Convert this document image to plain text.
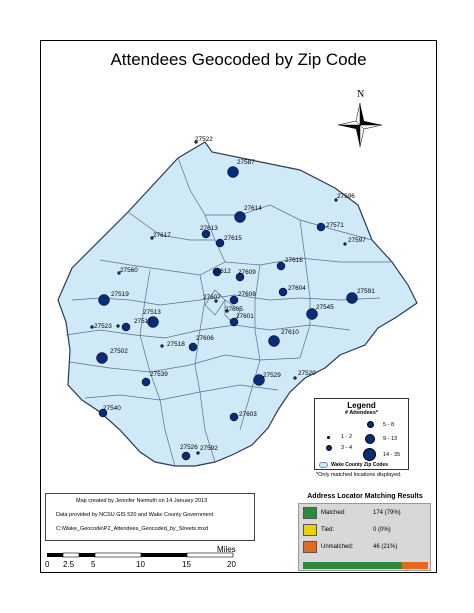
Attendees Geocoded by Zip Code
N
27522
27587
27596
27614
27571
27613
27615
27617
27597
27560	27612 27609
27616
27519	27607	27608
27604	27591
27523
27513	27605
27601
27545
27511
27518
27606
27610
27502
27539	27529	27520
27540
27603
27526 27592
Miles
0 2.5 5	10	15	20
Legend
# Attendees*
1 - 2
3 - 4
5 - 8
9 - 13
14 - 35
Wake County Zip Codes
*Only matched locations displayed.
Map created by Jennifer Niemuth on 14 January 2013
Data provided by NCSU GIS 520 and Wake County Government
C:\Wake_Geocode\P2_Attendees_Geocoded_by_Streets.mxd
Address Locator Matching Results
Matched:	174 (79%)
Tied:	0 (0%)
Unmatched:	46 (21%)
